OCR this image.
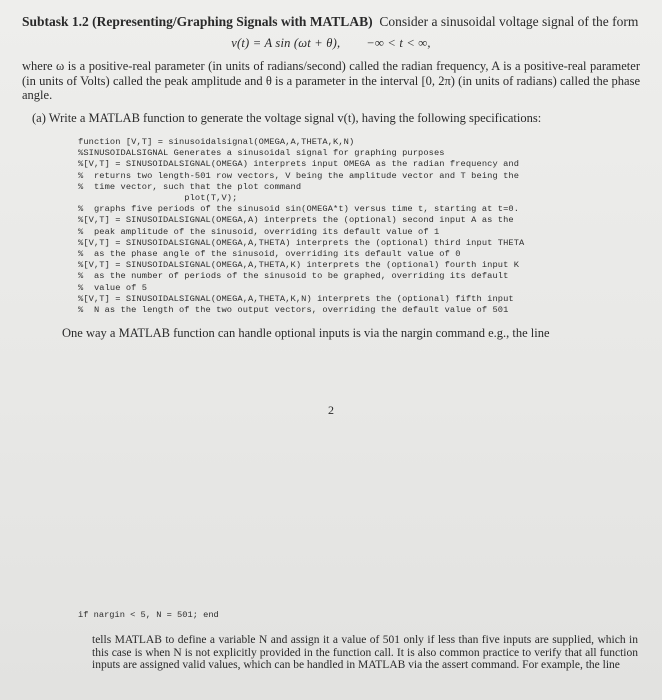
Subtask 1.2 (Representing/Graphing Signals with MATLAB) Consider a sinusoidal voltage signal of the form

v(t) = A sin (ωt + θ), −∞ < t < ∞,

where ω is a positive-real parameter (in units of radians/second) called the radian frequency, A is a positive-real parameter (in units of Volts) called the peak amplitude and θ is a parameter in the interval [0, 2π) (in units of radians) called the phase angle.

(a) Write a MATLAB function to generate the voltage signal v(t), having the following specifications:

function [V,T] = sinusoidalsignal(OMEGA,A,THETA,K,N)
%SINUSOIDALSIGNAL Generates a sinusoidal signal for graphing purposes
%[V,T] = SINUSOIDALSIGNAL(OMEGA) interprets input OMEGA as the radian frequency and
%  returns two length-501 row vectors, V being the amplitude vector and T being the
%  time vector, such that the plot command
plot(T,V);
%  graphs five periods of the sinusoid sin(OMEGA*t) versus time t, starting at t=0.
%[V,T] = SINUSOIDALSIGNAL(OMEGA,A) interprets the (optional) second input A as the
%  peak amplitude of the sinusoid, overriding its default value of 1
%[V,T] = SINUSOIDALSIGNAL(OMEGA,A,THETA) interprets the (optional) third input THETA
%  as the phase angle of the sinusoid, overriding its default value of 0
%[V,T] = SINUSOIDALSIGNAL(OMEGA,A,THETA,K) interprets the (optional) fourth input K
%  as the number of periods of the sinusoid to be graphed, overriding its default
%  value of 5
%[V,T] = SINUSOIDALSIGNAL(OMEGA,A,THETA,K,N) interprets the (optional) fifth input
%  N as the length of the two output vectors, overriding the default value of 501

One way a MATLAB function can handle optional inputs is via the nargin command e.g., the line

2

if nargin < 5, N = 501; end

tells MATLAB to define a variable N and assign it a value of 501 only if less than five inputs are supplied, which in this case is when N is not explicitly provided in the function call. It is also common practice to verify that all function inputs are assigned valid values, which can be handled in MATLAB via the assert command. For example, the line
